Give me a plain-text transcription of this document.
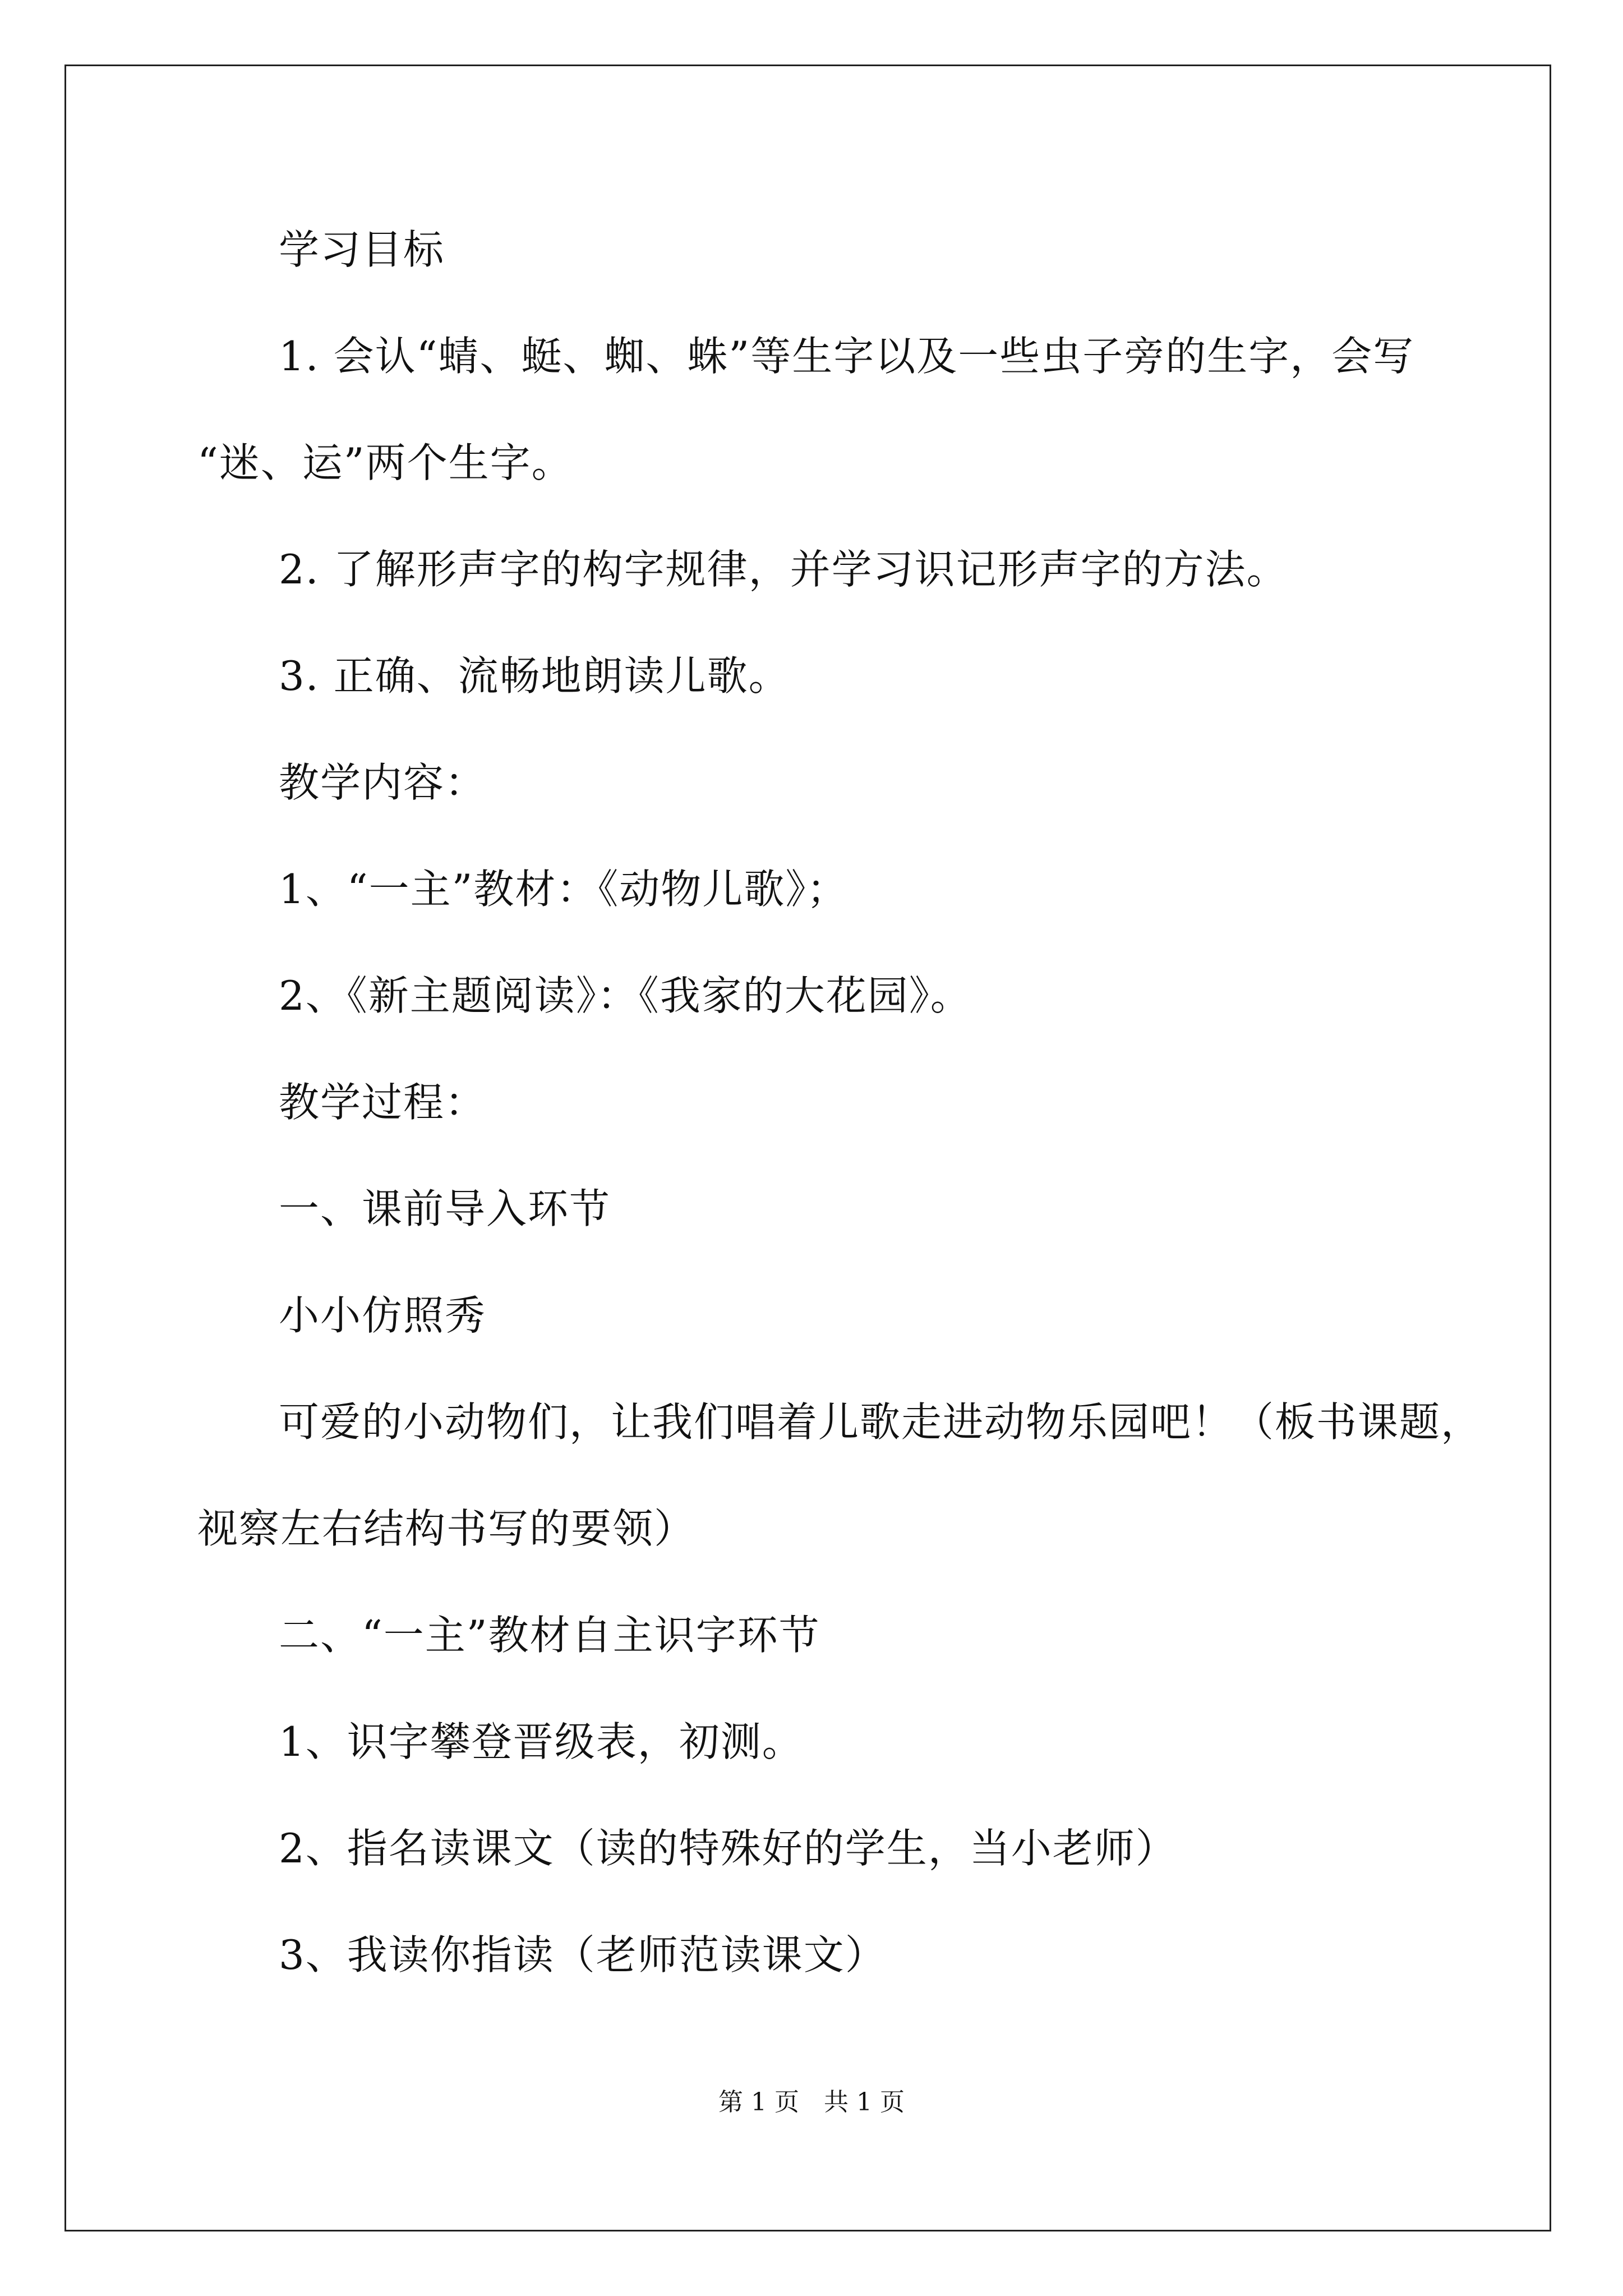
学习目标
1. 会认“蜻、蜓、蜘、蛛”等生字以及一些虫子旁的生字，会写
“迷、运”两个生字。
2. 了解形声字的构字规律，并学习识记形声字的方法。
3. 正确、流畅地朗读儿歌。
教学内容：
1、“一主”教材：《动物儿歌》；
2、《新主题阅读》：《我家的大花园》。
教学过程：
一、课前导入环节
小小仿照秀
可爱的小动物们，让我们唱着儿歌走进动物乐园吧！（板书课题，
视察左右结构书写的要领）
二、“一主”教材自主识字环节
1、识字攀登晋级表，初测。
2、指名读课文（读的特殊好的学生，当小老师）
3、我读你指读（老师范读课文）
第 1 页　共 1 页
